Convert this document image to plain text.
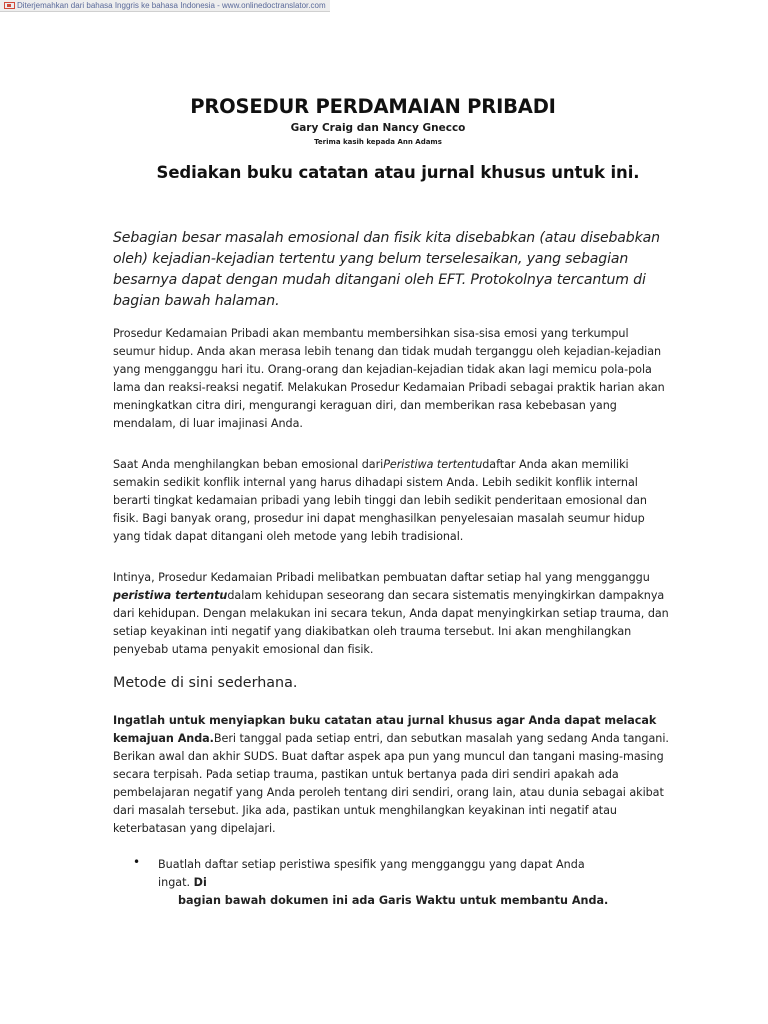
Diterjemahkan dari bahasa Inggris ke bahasa Indonesia - www.onlinedoctranslator.com
PROSEDUR PERDAMAIAN PRIBADI
Gary Craig dan Nancy Gnecco
Terima kasih kepada Ann Adams
Sediakan buku catatan atau jurnal khusus untuk ini.
Sebagian besar masalah emosional dan fisik kita disebabkan (atau disebabkan oleh) kejadian-kejadian tertentu yang belum terselesaikan, yang sebagian besarnya dapat dengan mudah ditangani oleh EFT. Protokolnya tercantum di bagian bawah halaman.
Prosedur Kedamaian Pribadi akan membantu membersihkan sisa-sisa emosi yang terkumpul seumur hidup. Anda akan merasa lebih tenang dan tidak mudah terganggu oleh kejadian-kejadian yang mengganggu hari itu. Orang-orang dan kejadian-kejadian tidak akan lagi memicu pola-pola lama dan reaksi-reaksi negatif. Melakukan Prosedur Kedamaian Pribadi sebagai praktik harian akan meningkatkan citra diri, mengurangi keraguan diri, dan memberikan rasa kebebasan yang mendalam, di luar imajinasi Anda.
Saat Anda menghilangkan beban emosional dariPeristiwa tertentudaftar Anda akan memiliki semakin sedikit konflik internal yang harus dihadapi sistem Anda. Lebih sedikit konflik internal berarti tingkat kedamaian pribadi yang lebih tinggi dan lebih sedikit penderitaan emosional dan fisik. Bagi banyak orang, prosedur ini dapat menghasilkan penyelesaian masalah seumur hidup yang tidak dapat ditangani oleh metode yang lebih tradisional.
Intinya, Prosedur Kedamaian Pribadi melibatkan pembuatan daftar setiap hal yang mengganggu peristiwa tertentudalam kehidupan seseorang dan secara sistematis menyingkirkan dampaknya dari kehidupan. Dengan melakukan ini secara tekun, Anda dapat menyingkirkan setiap trauma, dan setiap keyakinan inti negatif yang diakibatkan oleh trauma tersebut. Ini akan menghilangkan penyebab utama penyakit emosional dan fisik.
Metode di sini sederhana.
Ingatlah untuk menyiapkan buku catatan atau jurnal khusus agar Anda dapat melacak kemajuan Anda.Beri tanggal pada setiap entri, dan sebutkan masalah yang sedang Anda tangani. Berikan awal dan akhir SUDS. Buat daftar aspek apa pun yang muncul dan tangani masing-masing secara terpisah. Pada setiap trauma, pastikan untuk bertanya pada diri sendiri apakah ada pembelajaran negatif yang Anda peroleh tentang diri sendiri, orang lain, atau dunia sebagai akibat dari masalah tersebut. Jika ada, pastikan untuk menghilangkan keyakinan inti negatif atau keterbatasan yang dipelajari.
• Buatlah daftar setiap peristiwa spesifik yang mengganggu yang dapat Anda ingat. Di
bagian bawah dokumen ini ada Garis Waktu untuk membantu Anda.
